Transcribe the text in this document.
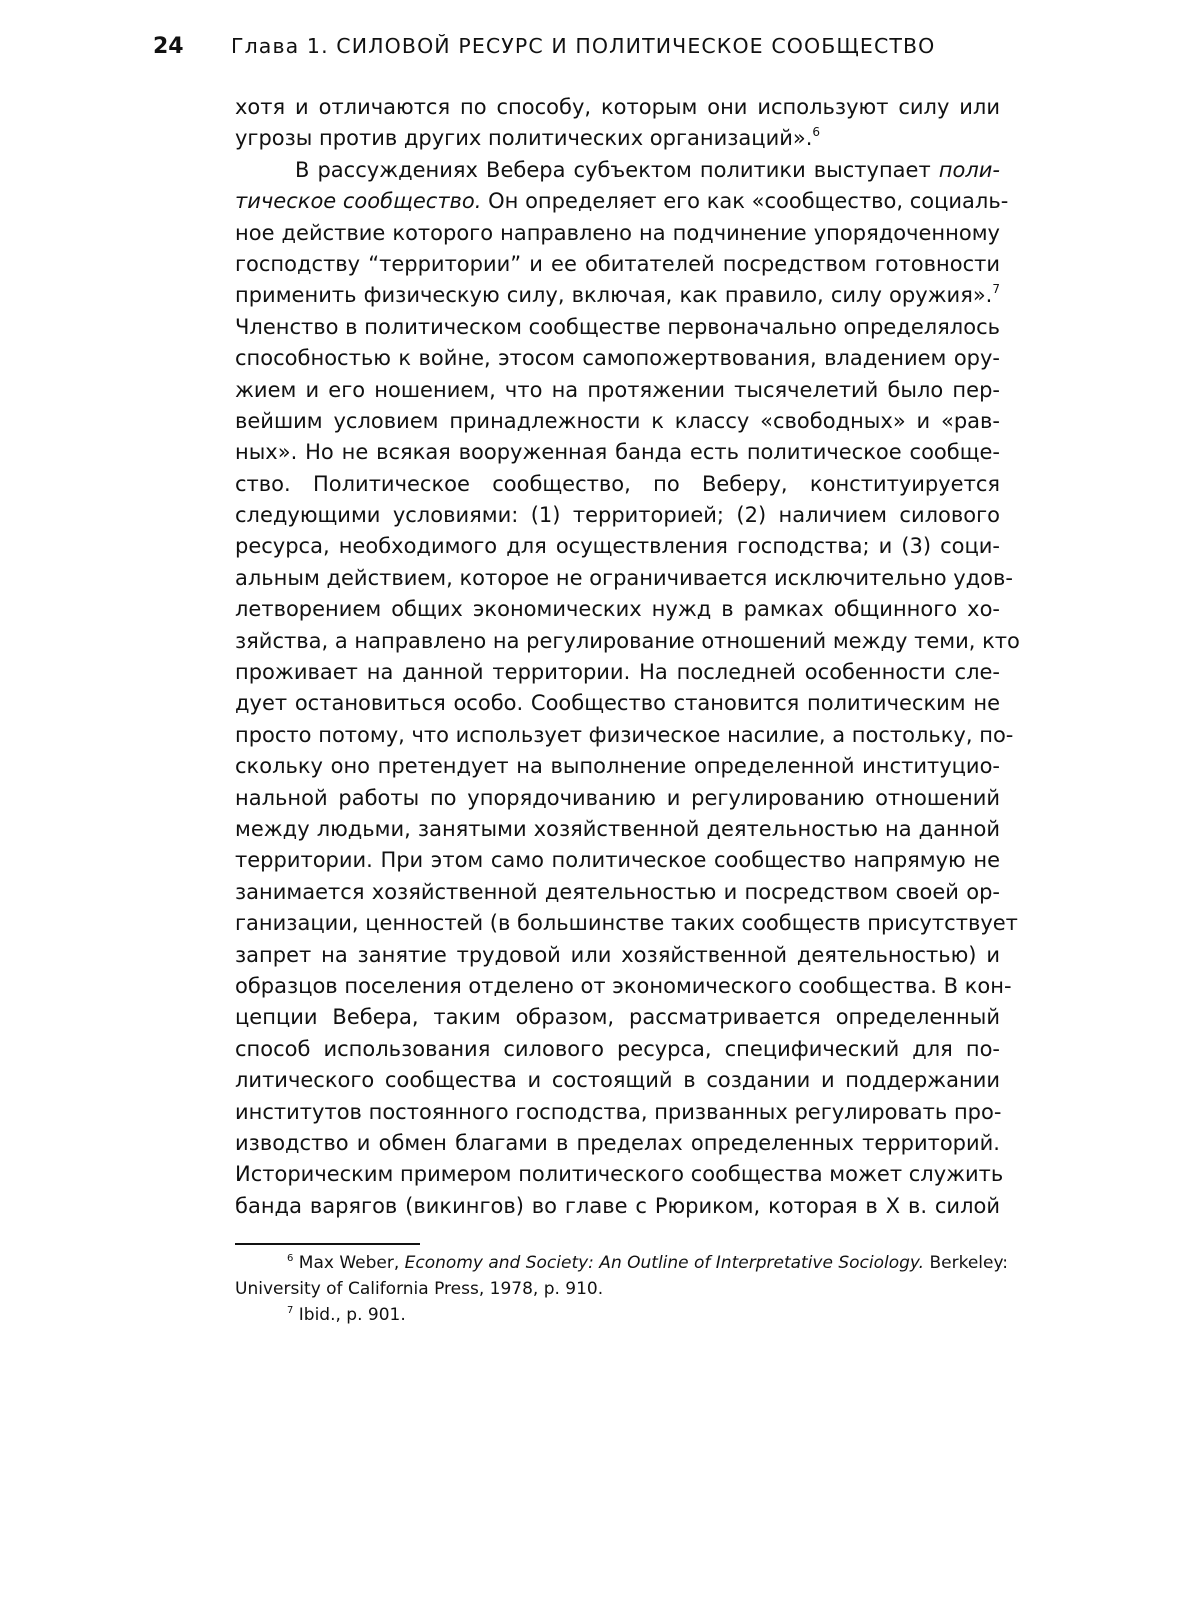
24	Глава 1. СИЛОВОЙ РЕСУРС И ПОЛИТИЧЕСКОЕ СООБЩЕСТВО
хотя и отличаются по способу, которым они используют силу или
угрозы против других политических организаций».$^6$
В рассуждениях Вебера субъектом политики выступает поли-
тическое сообщество. Он определяет его как «сообщество, социаль-
ное действие которого направлено на подчинение упорядоченному
господству “территории” и ее обитателей посредством готовности
применить физическую силу, включая, как правило, силу оружия».$^7$
Членство в политическом сообществе первоначально определялось
способностью к войне, этосом самопожертвования, владением ору-
жием и его ношением, что на протяжении тысячелетий было пер-
вейшим условием принадлежности к классу «свободных» и «рав-
ных». Но не всякая вооруженная банда есть политическое сообще-
ство. Политическое сообщество, по Веберу, конституируется
следующими условиями: (1) территорией; (2) наличием силового
ресурса, необходимого для осуществления господства; и (3) соци-
альным действием, которое не ограничивается исключительно удов-
летворением общих экономических нужд в рамках общинного хо-
зяйства, а направлено на регулирование отношений между теми, кто
проживает на данной территории. На последней особенности сле-
дует остановиться особо. Сообщество становится политическим не
просто потому, что использует физическое насилие, а постольку, по-
скольку оно претендует на выполнение определенной институцио-
нальной работы по упорядочиванию и регулированию отношений
между людьми, занятыми хозяйственной деятельностью на данной
территории. При этом само политическое сообщество напрямую не
занимается хозяйственной деятельностью и посредством своей ор-
ганизации, ценностей (в большинстве таких сообществ присутствует
запрет на занятие трудовой или хозяйственной деятельностью) и
образцов поселения отделено от экономического сообщества. В кон-
цепции Вебера, таким образом, рассматривается определенный
способ использования силового ресурса, специфический для по-
литического сообщества и состоящий в создании и поддержании
институтов постоянного господства, призванных регулировать про-
изводство и обмен благами в пределах определенных территорий.
Историческим примером политического сообщества может служить
банда варягов (викингов) во главе с Рюриком, которая в X в. силой
$^6$ Max Weber, Economy and Society: An Outline of Interpretative Sociology. Berkeley:
University of California Press, 1978, p. 910.
$^7$ Ibid., p. 901.
